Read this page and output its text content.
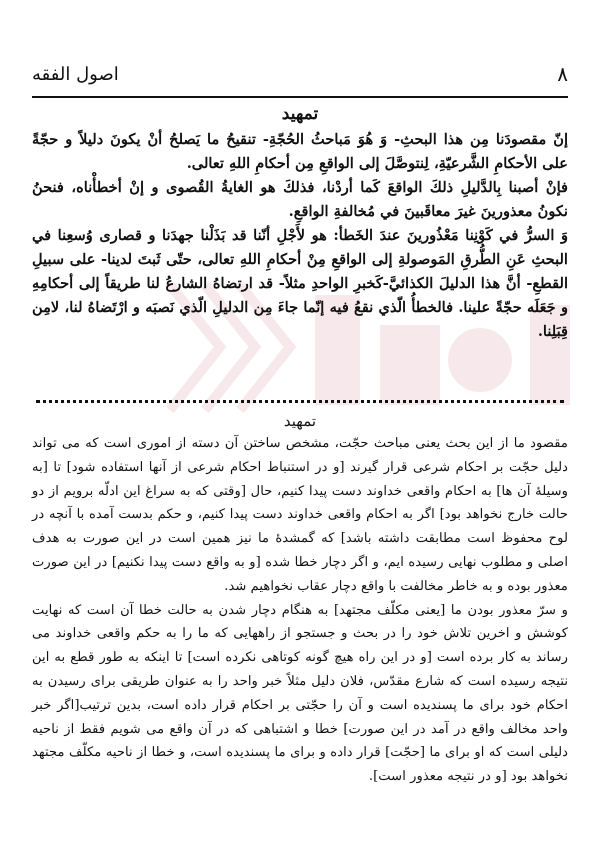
۸
اصول الفقه
تمهيد

إنّ مقصودَنا مِن هذا البحثِ- وَ هُوَ مَباحثُ الحُجّةِ- تنقيحُ ما يَصلحُ أنْ يكونَ دليلاً و حجّةً على الأحكامِ الشَّرعيّةِ، لِنتوصَّلَ إلى الواقعِ مِن أحكامِ اللهِ تعالى.

فإنْ أصبنا بِالدَّليلِ ذلكَ الواقعَ كَما أردْنا، فذلكَ هو الغايةُ القُصوى و إنْ أخطأْناه، فنحنُ نكونُ معذورينَ غيرَ معاقَبينَ في مُخالفةِ الواقعِ.

وَ السرُّ في كَوْنِنا مَعْذُورينَ عندَ الخَطأ: هو لأَجْلِ أنّنا قد بَذَلْنا جهدَنا و قصارى وُسعِنا في البحثِ عَنِ الطُّرقِ المَوصولةِ إلى الواقعِ مِنْ أحكامِ اللهِ تعالى، حتّى ثَبتَ لدينا- على سبيلِ القطعِ- أنَّ هذا الدليلَ الكذائيَّ-كَخبرِ الواحدِ مثلاً- قد ارتضاهُ الشارعُ لنا طريقاً إلى أحكامِهِ و جَعَلَه حجّةً علينا. فالخطأُ الّذي نقعُ فيه إنّما جاءَ مِن الدليلِ الّذي نَصبَه و ارْتَضاهُ لنا، لامِن قِبَلِنا.

تمهيد

مقصود ما از اين بحث يعنى مباحث حجّت، مشخص ساختن آن دسته از امورى است كه مى تواند دليل حجّت بر احكام شرعى قرار گيرند [و در استنباط احكام شرعى از آنها استفاده شود] تا [به وسيلهٔ آن ها] به احكام واقعى خداوند دست پيدا كنيم، حال [وقتى كه به سراغ اين ادلّه برويم از دو حالت خارج نخواهد بود] اگر به احكام واقعى خداوند دست پيدا كنيم، و حكم بدست آمده با آنچه در لوح محفوظ است مطابقت داشته باشد] كه گمشدهٔ ما نيز همين است در اين صورت به هدف اصلى و مطلوب نهايى رسيده ايم، و اگر دچار خطا شده [و به واقع دست پيدا نكنيم] در اين صورت معذور بوده و به خاطر مخالفت با واقع دچار عقاب نخواهيم شد.

و سرّ معذور بودن ما [يعنى مكلّف مجتهد] به هنگام دچار شدن به حالت خطا آن است كه نهايت كوشش و اخرين تلاش خود را در بحث و جستجو از راههايى كه ما را به حكم واقعى خداوند مى رساند به كار برده است [و در اين راه هيچ گونه كوتاهى نكرده است] تا اينكه به طور قطع به اين نتيجه رسيده است كه شارع مقدّس، فلان دليل مثلاً خبر واحد را به عنوان طريقى براى رسيدن به احكام خود براى ما پسنديده است و آن را حجّتى بر احكام قرار داده است، بدين ترتيب[اگر خبر واحد مخالف واقع در آمد در اين صورت] خطا و اشتباهى كه در آن واقع مى شويم فقط از ناحيه دليلى است كه او براى ما [حجّت] قرار داده و براى ما پسنديده است، و خطا از ناحيه مكلّف مجتهد نخواهد بود [و در نتيجه معذور است].
